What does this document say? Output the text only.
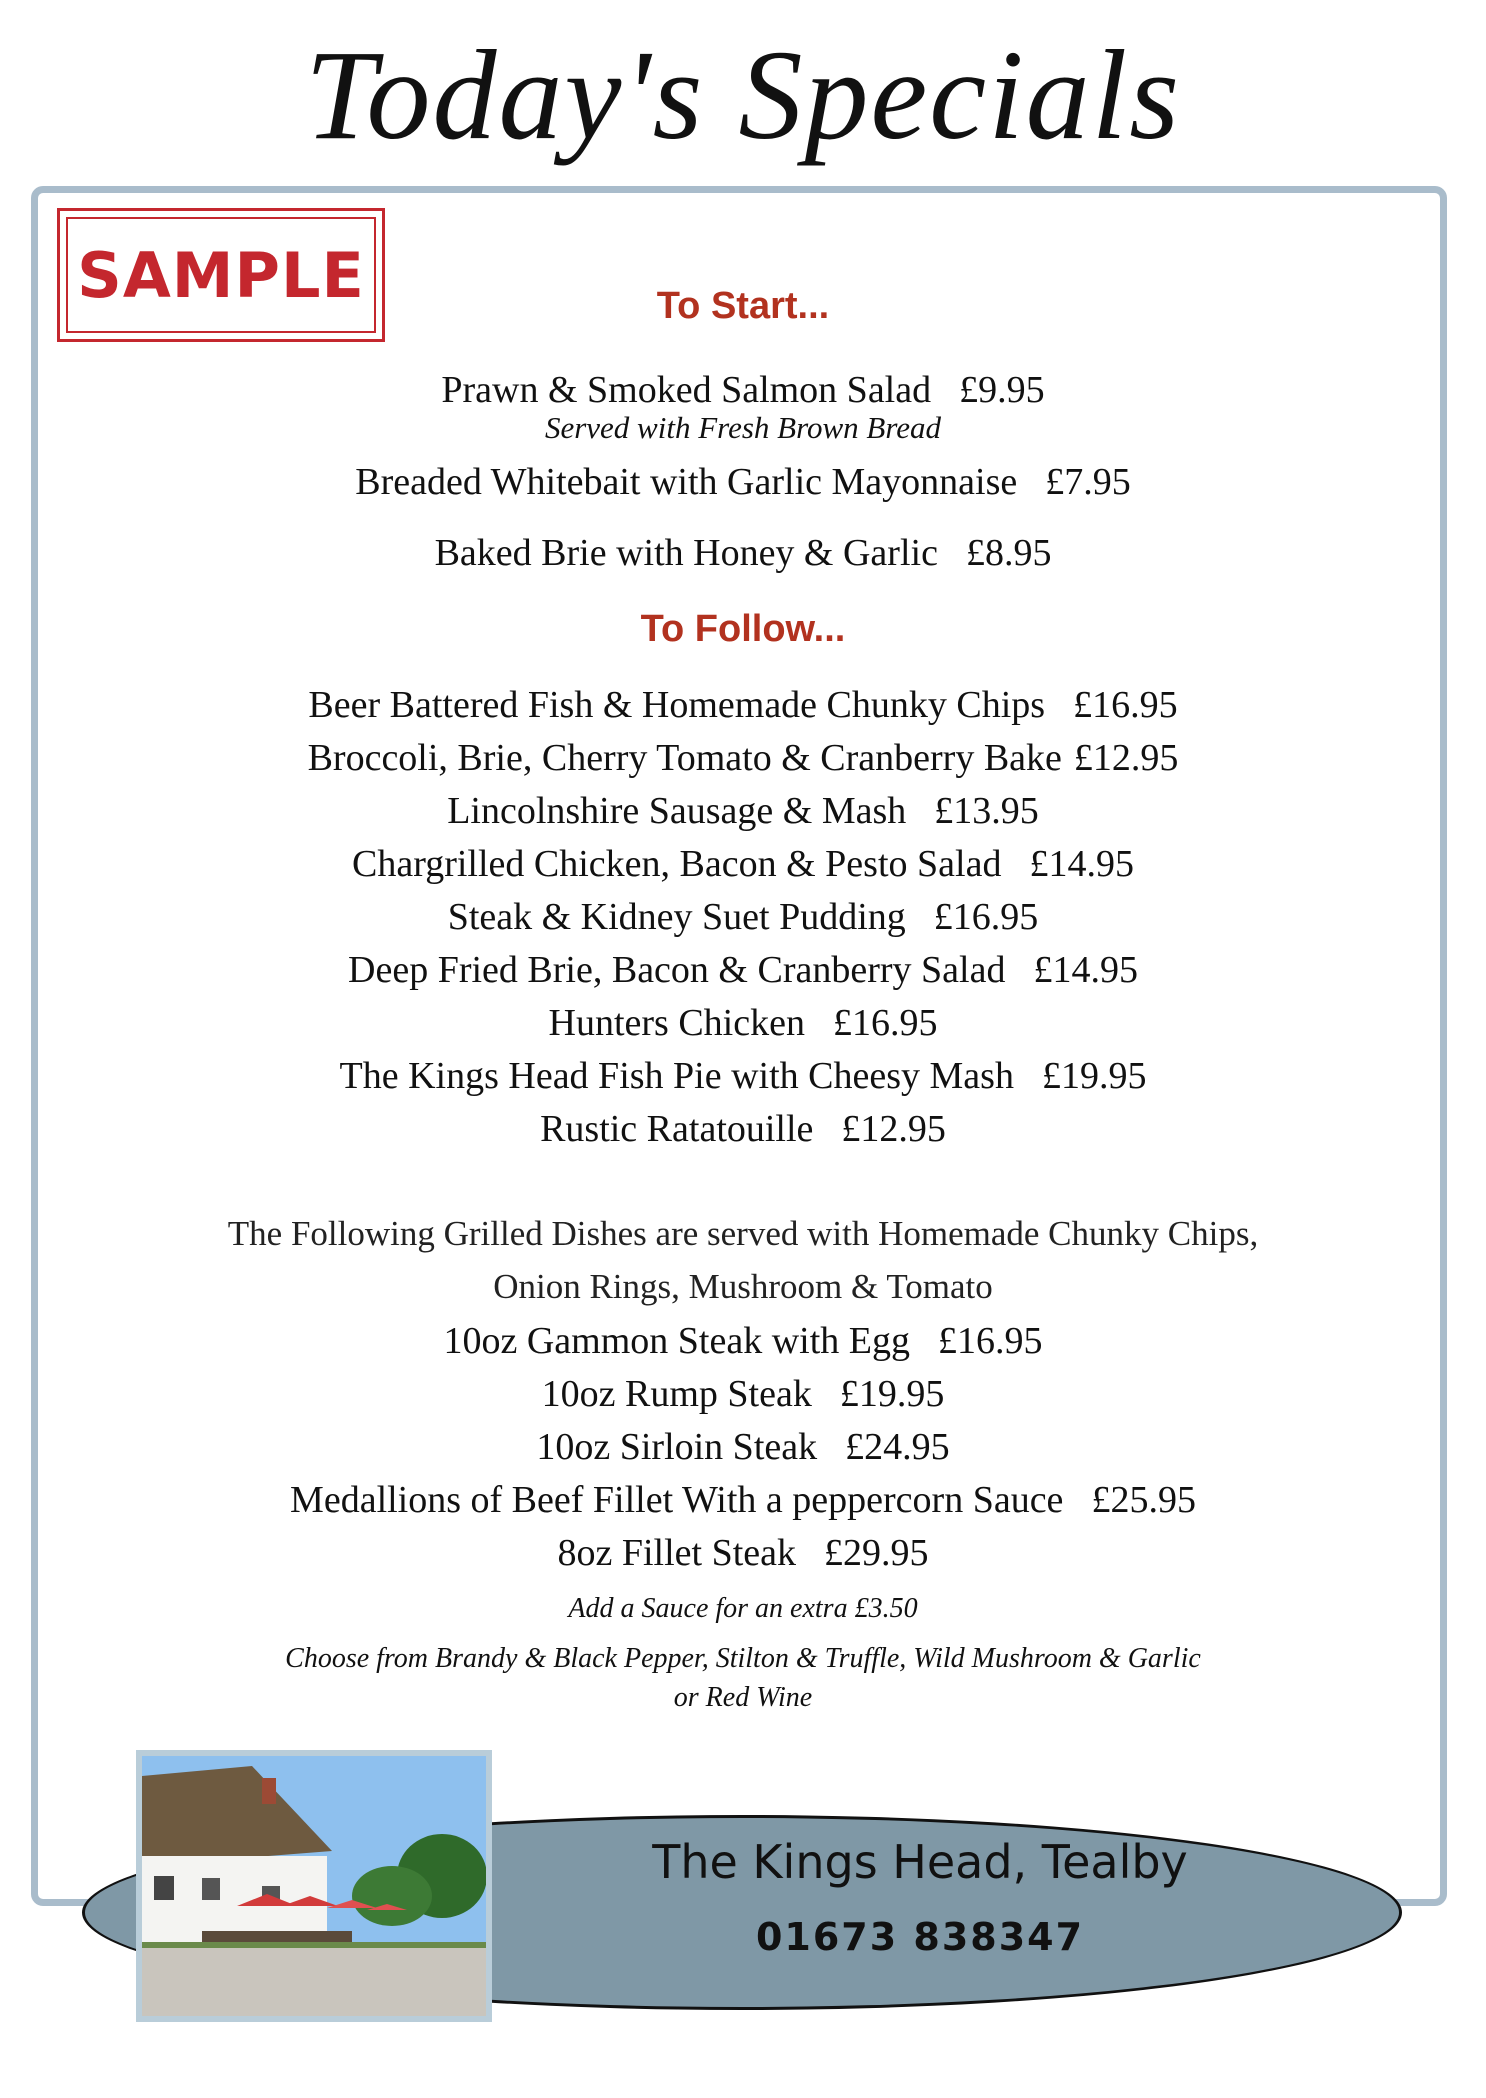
Today's Specials
SAMPLE	To Start...
Prawn & Smoked Salmon Salad £9.95
Served with Fresh Brown Bread
Breaded Whitebait with Garlic Mayonnaise £7.95
Baked Brie with Honey & Garlic £8.95
To Follow...
Beer Battered Fish & Homemade Chunky Chips £16.95
Broccoli, Brie, Cherry Tomato & Cranberry Bake £12.95
Lincolnshire Sausage & Mash £13.95
Chargrilled Chicken, Bacon & Pesto Salad £14.95
Steak & Kidney Suet Pudding £16.95
Deep Fried Brie, Bacon & Cranberry Salad £14.95
Hunters Chicken £16.95
The Kings Head Fish Pie with Cheesy Mash £19.95
Rustic Ratatouille £12.95
The Following Grilled Dishes are served with Homemade Chunky Chips,
Onion Rings, Mushroom & Tomato
10oz Gammon Steak with Egg £16.95
10oz Rump Steak £19.95
10oz Sirloin Steak £24.95
Medallions of Beef Fillet With a peppercorn Sauce £25.95
8oz Fillet Steak £29.95
Add a Sauce for an extra £3.50
Choose from Brandy & Black Pepper, Stilton & Truffle, Wild Mushroom & Garlic
or Red Wine
The Kings Head, Tealby
01673 838347
